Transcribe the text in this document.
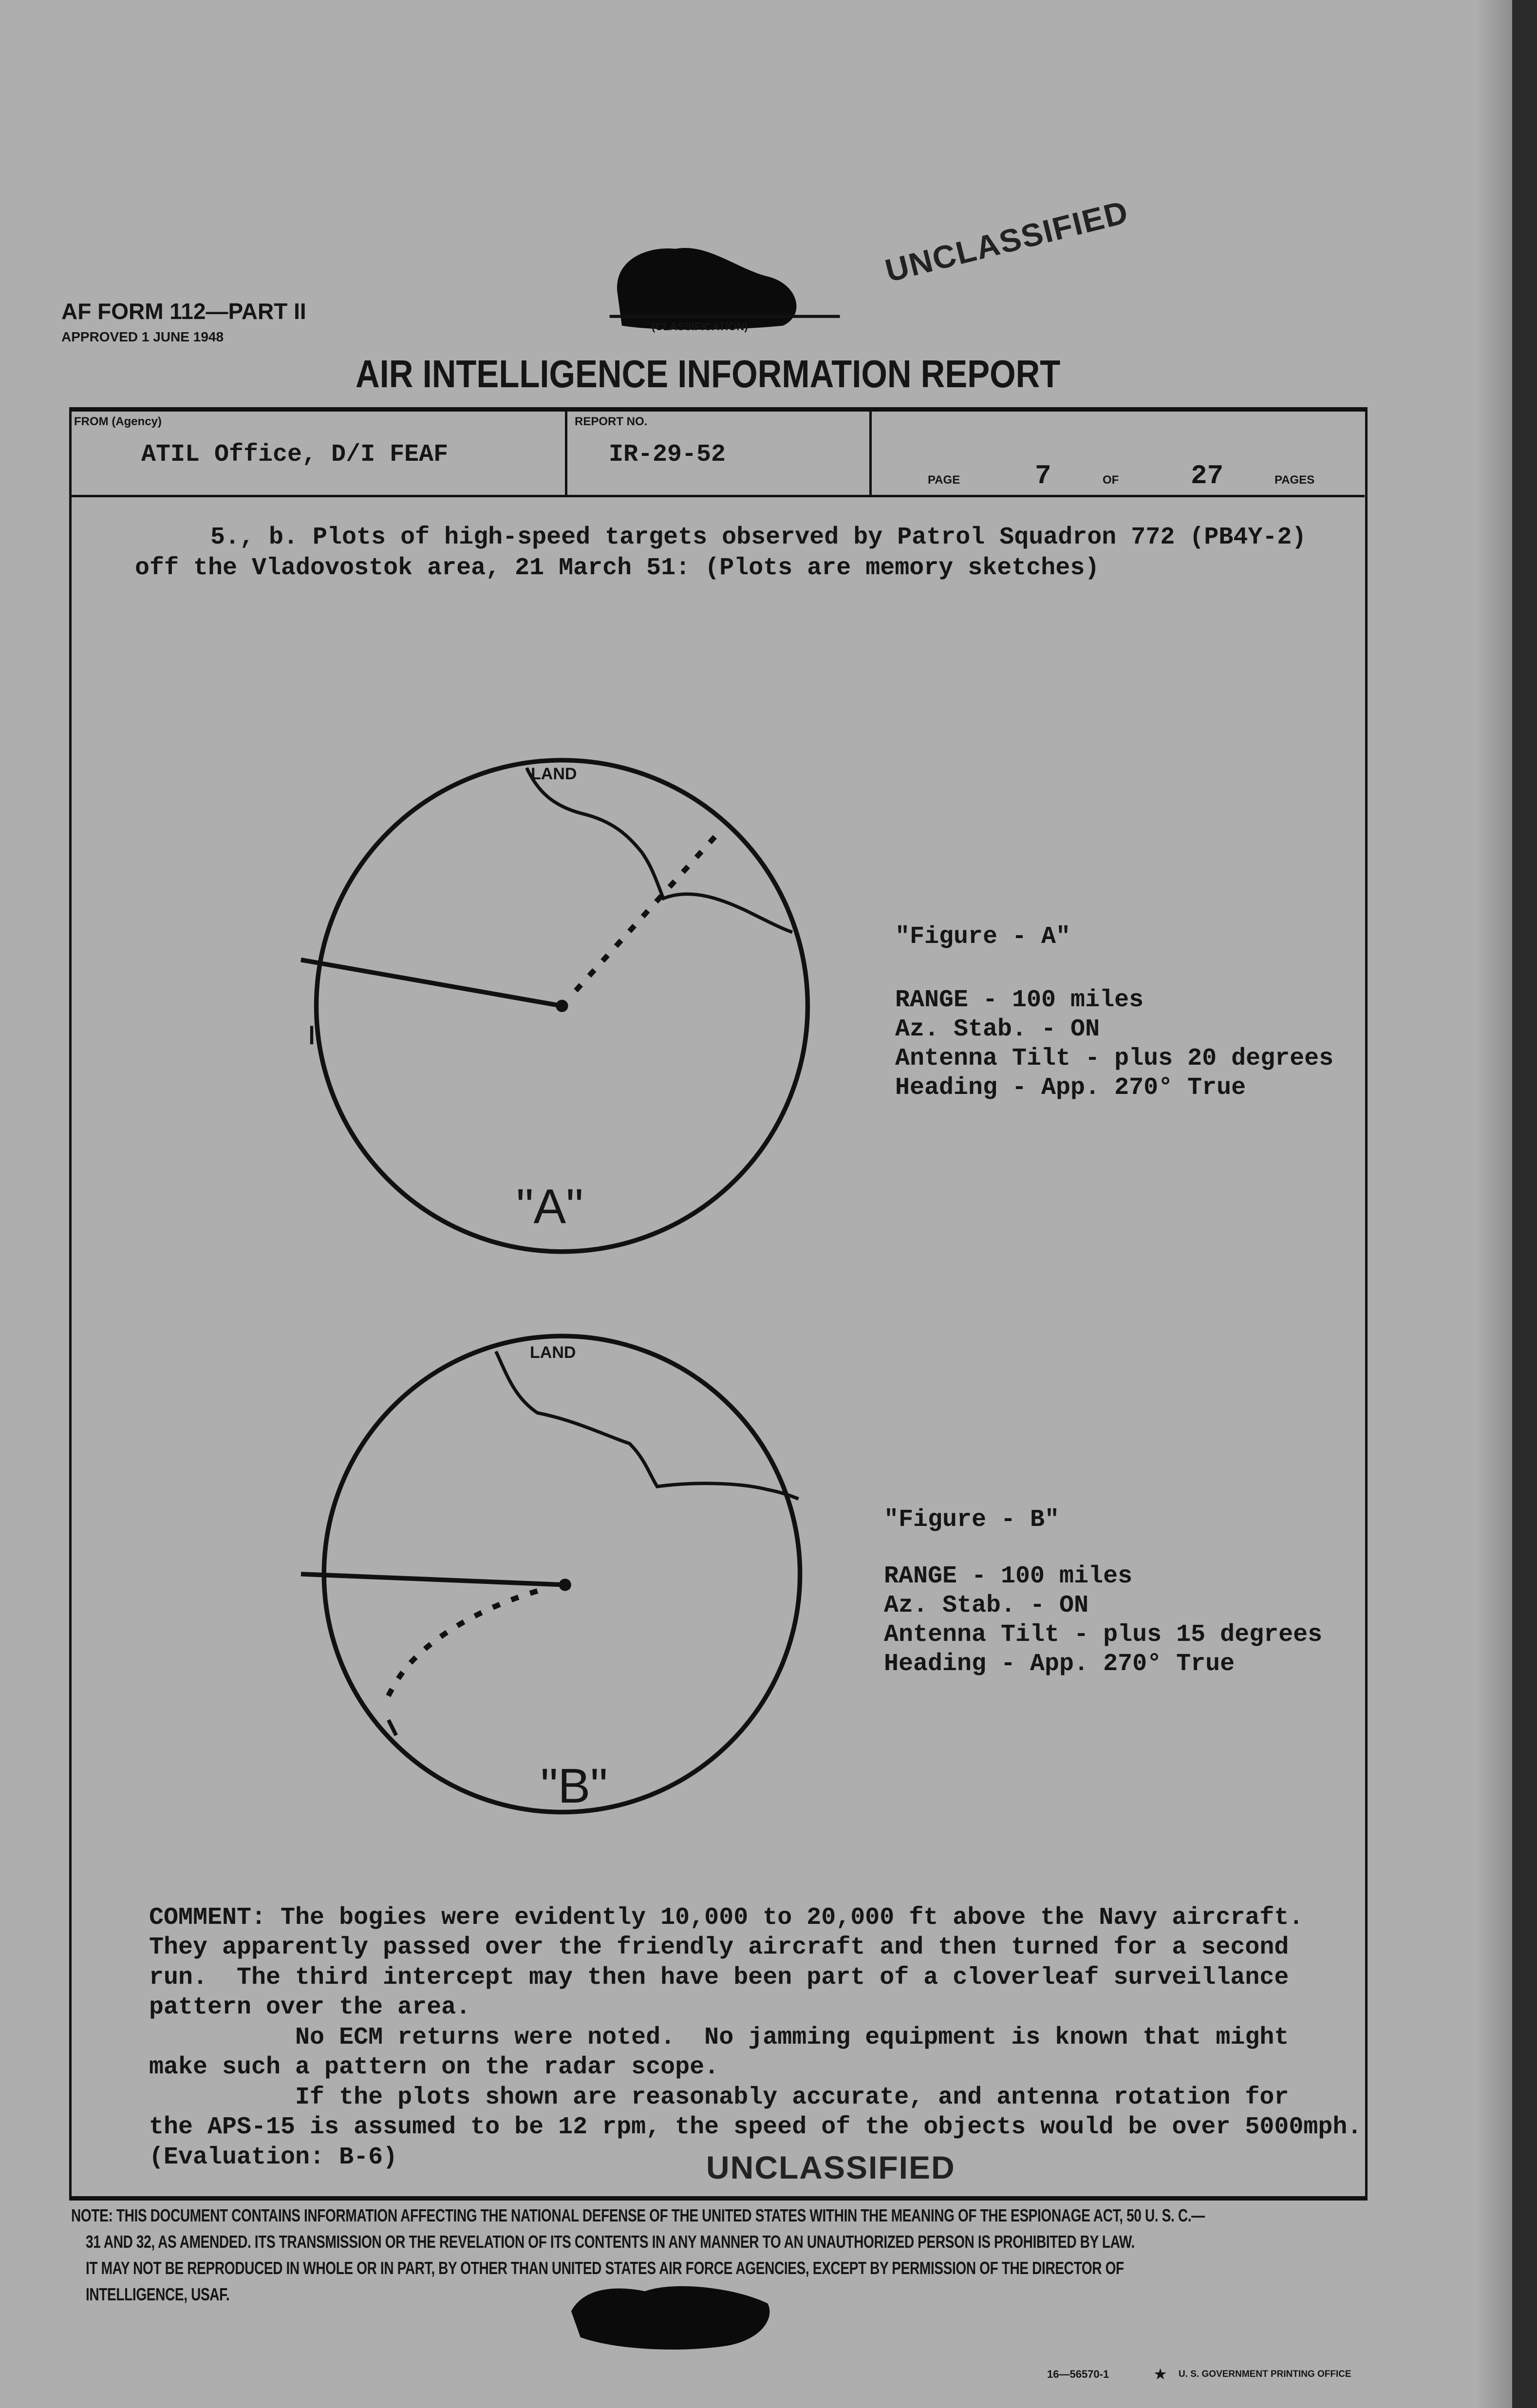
AF FORM 112—PART II
APPROVED 1 JUNE 1948
(CLASSIFICATION)
UNCLASSIFIED
AIR INTELLIGENCE INFORMATION REPORT
FROM (Agency)
ATIL Office, D/I FEAF
REPORT NO.
IR-29-52
PAGE	7	OF	27	PAGES
5., b. Plots of high-speed targets observed by Patrol Squadron 772 (PB4Y-2)
off the Vladovostok area, 21 March 51: (Plots are memory sketches)
LAND
"A"
"Figure - A"
RANGE - 100 miles
Az. Stab. - ON
Antenna Tilt - plus 20 degrees
Heading - App. 270° True
LAND
"B"
"Figure - B"
RANGE - 100 miles
Az. Stab. - ON
Antenna Tilt - plus 15 degrees
Heading - App. 270° True

COMMENT: The bogies were evidently 10,000 to 20,000 ft above the Navy aircraft.
They apparently passed over the friendly aircraft and then turned for a second
run.  The third intercept may then have been part of a cloverleaf surveillance
pattern over the area.
No ECM returns were noted.  No jamming equipment is known that might
make such a pattern on the radar scope.
If the plots shown are reasonably accurate, and antenna rotation for
the APS-15 is assumed to be 12 rpm, the speed of the objects would be over 5000mph.
(Evaluation: B-6)	UNCLASSIFIED
NOTE: THIS DOCUMENT CONTAINS INFORMATION AFFECTING THE NATIONAL DEFENSE OF THE UNITED STATES WITHIN THE MEANING OF THE ESPIONAGE ACT, 50 U. S. C.—
31 AND 32, AS AMENDED. ITS TRANSMISSION OR THE REVELATION OF ITS CONTENTS IN ANY MANNER TO AN UNAUTHORIZED PERSON IS PROHIBITED BY LAW.
IT MAY NOT BE REPRODUCED IN WHOLE OR IN PART, BY OTHER THAN UNITED STATES AIR FORCE AGENCIES, EXCEPT BY PERMISSION OF THE DIRECTOR OF
INTELLIGENCE, USAF.
16—56570-1	★ U. S. GOVERNMENT PRINTING OFFICE
